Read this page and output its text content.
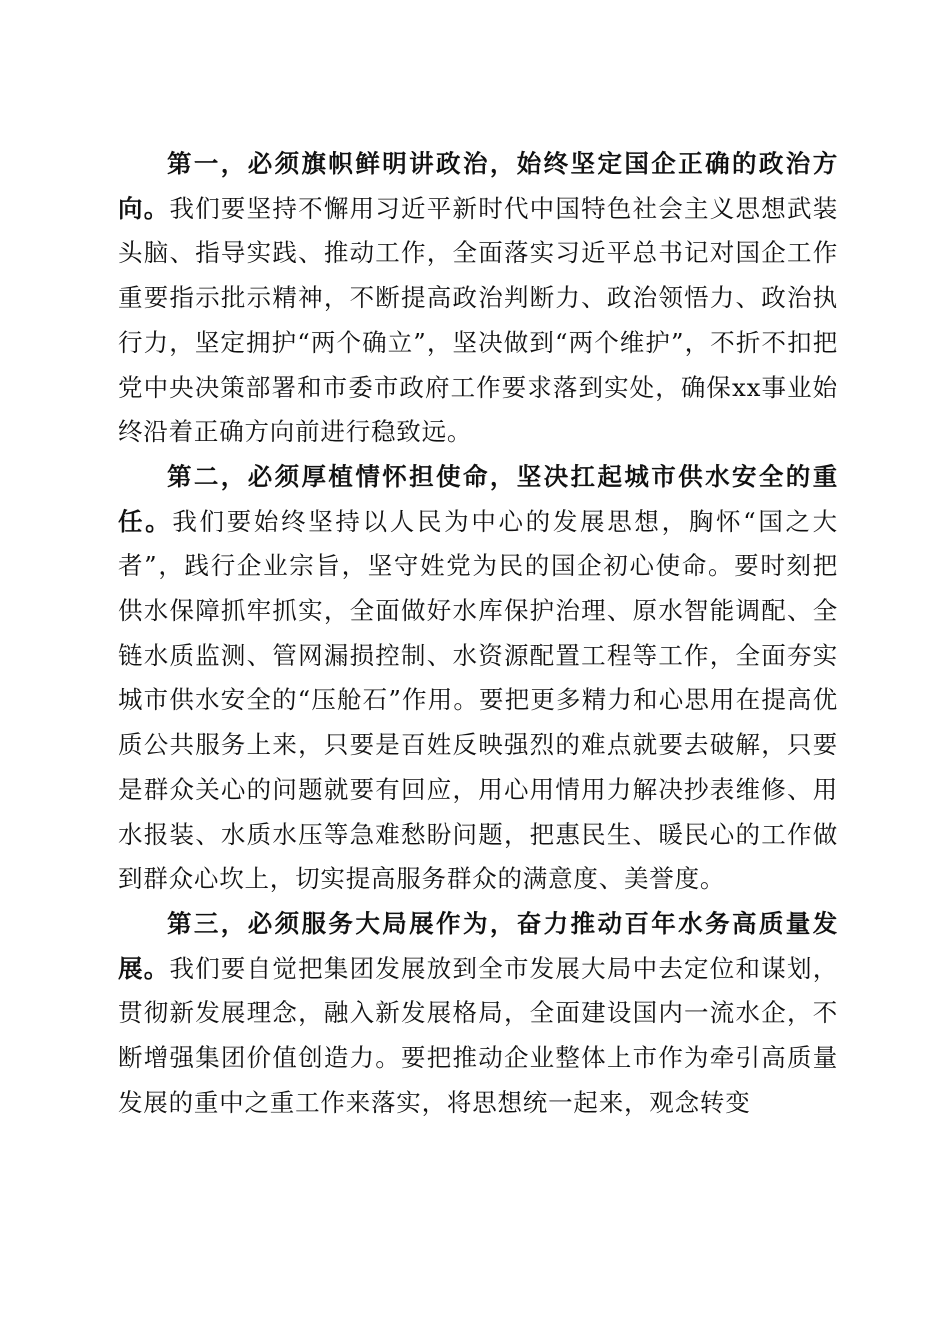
第一，必须旗帜鲜明讲政治，始终坚定国企正确的政治方向。我们要坚持不懈用习近平新时代中国特色社会主义思想武装头脑、指导实践、推动工作，全面落实习近平总书记对国企工作重要指示批示精神，不断提高政治判断力、政治领悟力、政治执行力，坚定拥护“两个确立”，坚决做到“两个维护”，不折不扣把党中央决策部署和市委市政府工作要求落到实处，确保xx事业始终沿着正确方向前进行稳致远。

第二，必须厚植情怀担使命，坚决扛起城市供水安全的重任。我们要始终坚持以人民为中心的发展思想，胸怀“国之大者”，践行企业宗旨，坚守姓党为民的国企初心使命。要时刻把供水保障抓牢抓实，全面做好水库保护治理、原水智能调配、全链水质监测、管网漏损控制、水资源配置工程等工作，全面夯实城市供水安全的“压舱石”作用。要把更多精力和心思用在提高优质公共服务上来，只要是百姓反映强烈的难点就要去破解，只要是群众关心的问题就要有回应，用心用情用力解决抄表维修、用水报装、水质水压等急难愁盼问题，把惠民生、暖民心的工作做到群众心坎上，切实提高服务群众的满意度、美誉度。

第三，必须服务大局展作为，奋力推动百年水务高质量发展。我们要自觉把集团发展放到全市发展大局中去定位和谋划，贯彻新发展理念，融入新发展格局，全面建设国内一流水企，不断增强集团价值创造力。要把推动企业整体上市作为牵引高质量发展的重中之重工作来落实，将思想统一起来，观念转变
